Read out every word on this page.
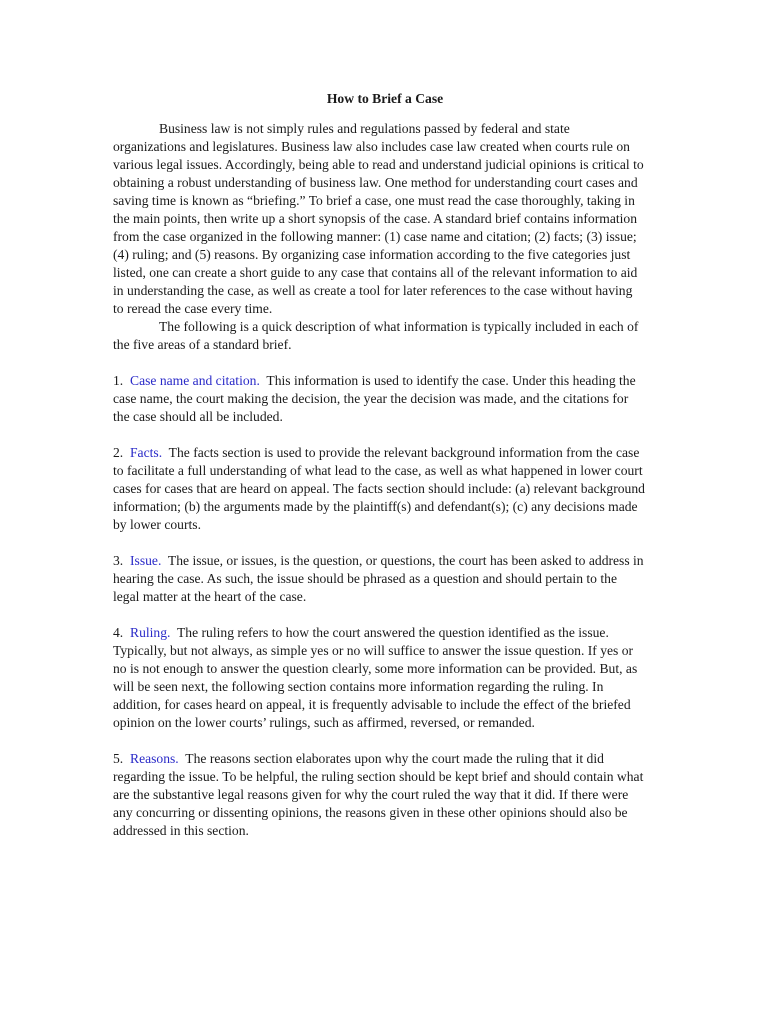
How to Brief a Case

Business law is not simply rules and regulations passed by federal and state organizations and legislatures. Business law also includes case law created when courts rule on various legal issues. Accordingly, being able to read and understand judicial opinions is critical to obtaining a robust understanding of business law. One method for understanding court cases and saving time is known as “briefing.” To brief a case, one must read the case thoroughly, taking in the main points, then write up a short synopsis of the case. A standard brief contains information from the case organized in the following manner: (1) case name and citation; (2) facts; (3) issue; (4) ruling; and (5) reasons. By organizing case information according to the five categories just listed, one can create a short guide to any case that contains all of the relevant information to aid in understanding the case, as well as create a tool for later references to the case without having to reread the case every time.

The following is a quick description of what information is typically included in each of the five areas of a standard brief.

1. Case name and citation. This information is used to identify the case. Under this heading the case name, the court making the decision, the year the decision was made, and the citations for the case should all be included.

2. Facts. The facts section is used to provide the relevant background information from the case to facilitate a full understanding of what lead to the case, as well as what happened in lower court cases for cases that are heard on appeal. The facts section should include: (a) relevant background information; (b) the arguments made by the plaintiff(s) and defendant(s); (c) any decisions made by lower courts.

3. Issue. The issue, or issues, is the question, or questions, the court has been asked to address in hearing the case. As such, the issue should be phrased as a question and should pertain to the legal matter at the heart of the case.

4. Ruling. The ruling refers to how the court answered the question identified as the issue. Typically, but not always, as simple yes or no will suffice to answer the issue question. If yes or no is not enough to answer the question clearly, some more information can be provided. But, as will be seen next, the following section contains more information regarding the ruling. In addition, for cases heard on appeal, it is frequently advisable to include the effect of the briefed opinion on the lower courts’ rulings, such as affirmed, reversed, or remanded.

5. Reasons. The reasons section elaborates upon why the court made the ruling that it did regarding the issue. To be helpful, the ruling section should be kept brief and should contain what are the substantive legal reasons given for why the court ruled the way that it did. If there were any concurring or dissenting opinions, the reasons given in these other opinions should also be addressed in this section.
